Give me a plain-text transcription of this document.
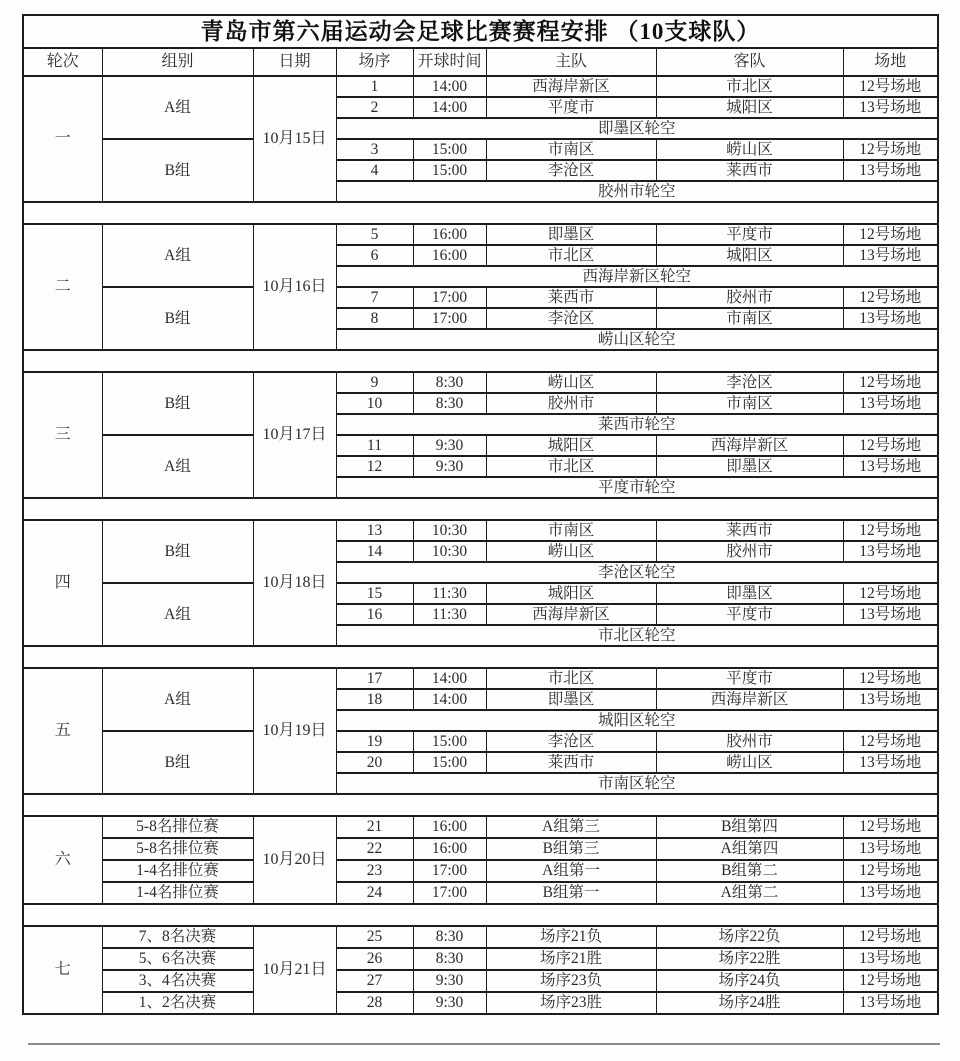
青岛市第六届运动会足球比赛赛程安排 （10支球队）							
轮次	组别	日期	场序	开球时间	主队	客队	场地
一	A组	10月15日	1	14:00	西海岸新区	市北区	12号场地
			2	14:00	平度市	城阳区	13号场地
			即墨区轮空				
	B组		3	15:00	市南区	崂山区	12号场地
			4	15:00	李沧区	莱西市	13号场地
			胶州市轮空				

二	A组	10月16日	5	16:00	即墨区	平度市	12号场地
			6	16:00	市北区	城阳区	13号场地
			西海岸新区轮空				
	B组		7	17:00	莱西市	胶州市	12号场地
			8	17:00	李沧区	市南区	13号场地
			崂山区轮空				

三	B组	10月17日	9	8:30	崂山区	李沧区	12号场地
			10	8:30	胶州市	市南区	13号场地
			莱西市轮空				
	A组		11	9:30	城阳区	西海岸新区	12号场地
			12	9:30	市北区	即墨区	13号场地
			平度市轮空				

四	B组	10月18日	13	10:30	市南区	莱西市	12号场地
			14	10:30	崂山区	胶州市	13号场地
			李沧区轮空				
	A组		15	11:30	城阳区	即墨区	12号场地
			16	11:30	西海岸新区	平度市	13号场地
			市北区轮空				

五	A组	10月19日	17	14:00	市北区	平度市	12号场地
			18	14:00	即墨区	西海岸新区	13号场地
			城阳区轮空				
	B组		19	15:00	李沧区	胶州市	12号场地
			20	15:00	莱西市	崂山区	13号场地
			市南区轮空				

六	5-8名排位赛	10月20日	21	16:00	A组第三	B组第四	12号场地
	5-8名排位赛		22	16:00	B组第三	A组第四	13号场地
	1-4名排位赛		23	17:00	A组第一	B组第二	12号场地
	1-4名排位赛		24	17:00	B组第一	A组第二	13号场地

七	7、8名决赛	10月21日	25	8:30	场序21负	场序22负	12号场地
	5、6名决赛		26	8:30	场序21胜	场序22胜	13号场地
	3、4名决赛		27	9:30	场序23负	场序24负	12号场地
	1、2名决赛		28	9:30	场序23胜	场序24胜	13号场地
